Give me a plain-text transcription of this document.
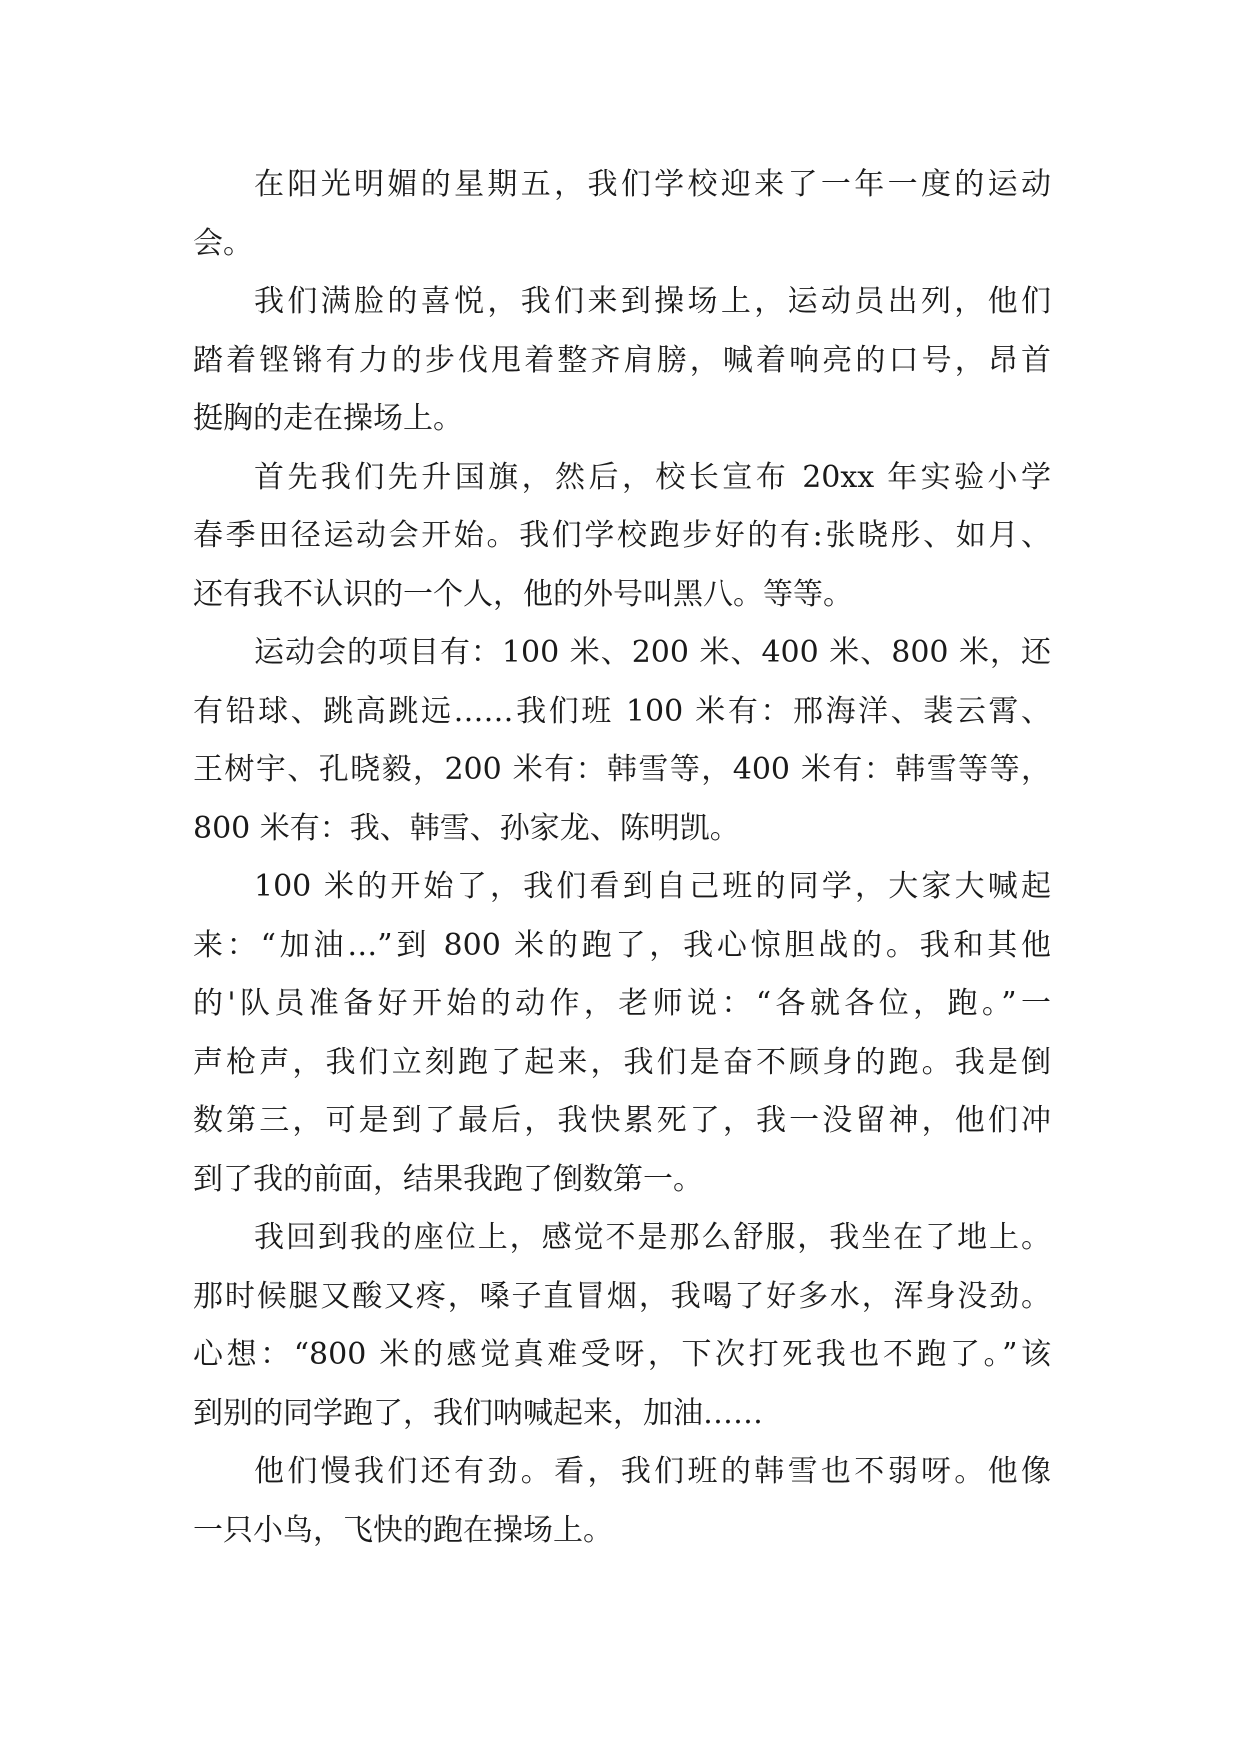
在阳光明媚的星期五，我们学校迎来了一年一度的运动
会。
我们满脸的喜悦，我们来到操场上，运动员出列，他们
踏着铿锵有力的步伐甩着整齐肩膀，喊着响亮的口号，昂首
挺胸的走在操场上。
首先我们先升国旗，然后，校长宣布 20xx 年实验小学
春季田径运动会开始。我们学校跑步好的有:张晓彤、如月、
还有我不认识的一个人，他的外号叫黑八。等等。
运动会的项目有：100 米、200 米、400 米、800 米，还
有铅球、跳高跳远……我们班 100 米有：邢海洋、裴云霄、
王树宇、孔晓毅，200 米有：韩雪等，400 米有：韩雪等等，
800 米有：我、韩雪、孙家龙、陈明凯。
100 米的开始了，我们看到自己班的同学，大家大喊起
来：“加油…”到 800 米的跑了，我心惊胆战的。我和其他
的'队员准备好开始的动作，老师说：“各就各位，跑。”一
声枪声，我们立刻跑了起来，我们是奋不顾身的跑。我是倒
数第三，可是到了最后，我快累死了，我一没留神，他们冲
到了我的前面，结果我跑了倒数第一。
我回到我的座位上，感觉不是那么舒服，我坐在了地上。
那时候腿又酸又疼，嗓子直冒烟，我喝了好多水，浑身没劲。
心想：“800 米的感觉真难受呀，下次打死我也不跑了。”该
到别的同学跑了，我们呐喊起来，加油……
他们慢我们还有劲。看，我们班的韩雪也不弱呀。他像
一只小鸟，飞快的跑在操场上。
